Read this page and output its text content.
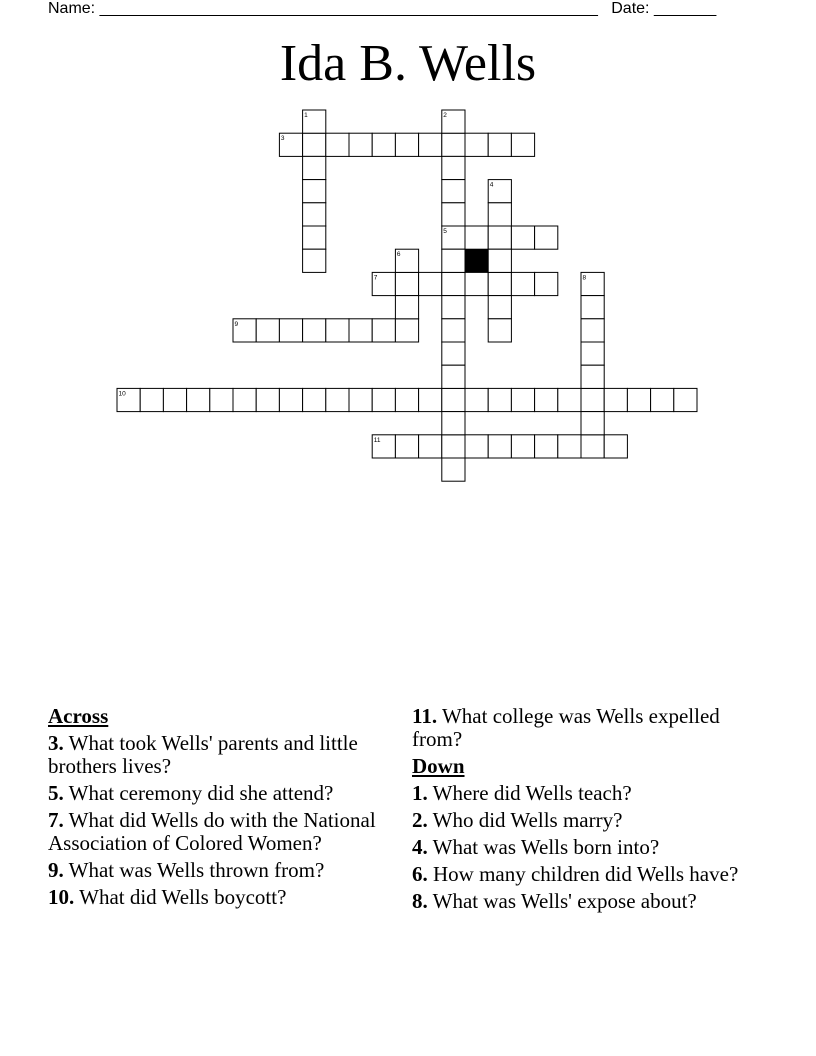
Name: ________________________________________________________ Date: _______
Ida B. Wells
3
5
7
9
10
11
1	2
4
6
8
Across
3. What took Wells' parents and little brothers lives?
5. What ceremony did she attend?
7. What did Wells do with the National Association of Colored Women?
9. What was Wells thrown from?
10. What did Wells boycott?
11. What college was Wells expelled from?
Down
1. Where did Wells teach?
2. Who did Wells marry?
4. What was Wells born into?
6. How many children did Wells have?
8. What was Wells' expose about?
